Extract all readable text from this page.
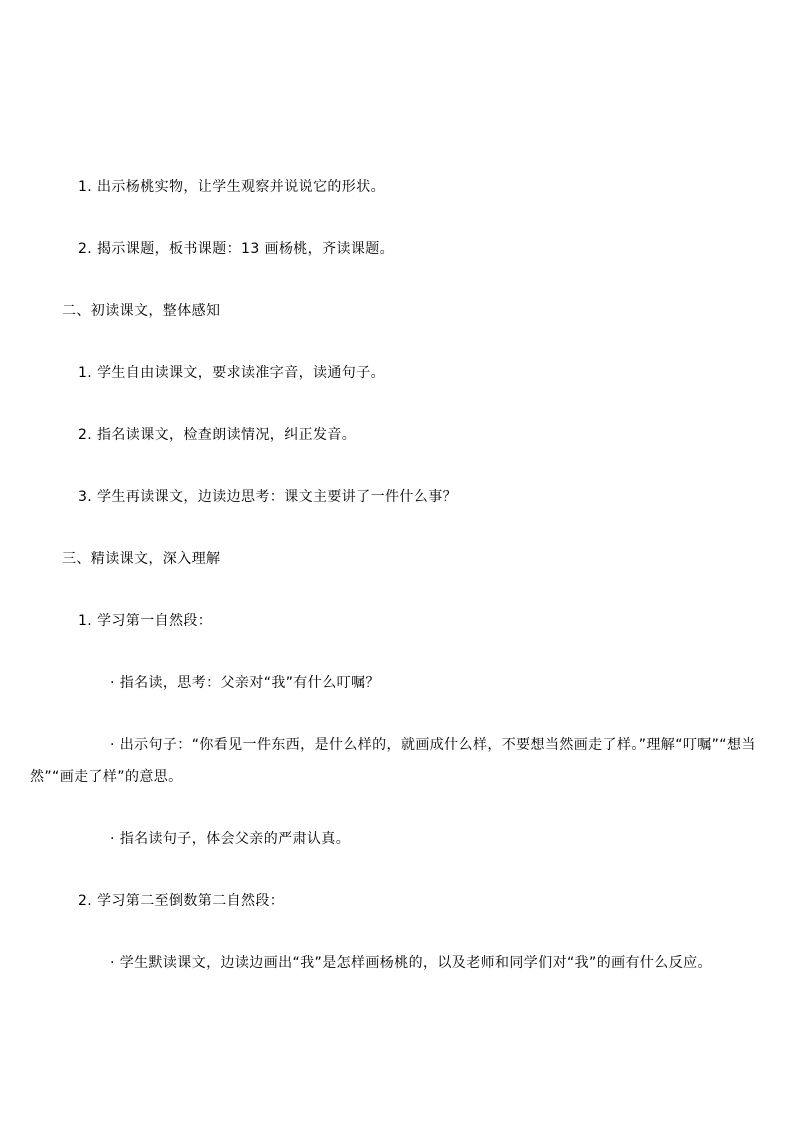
1. 出示杨桃实物，让学生观察并说说它的形状。
2. 揭示课题，板书课题：13 画杨桃，齐读课题。
二、初读课文，整体感知
1. 学生自由读课文，要求读准字音，读通句子。
2. 指名读课文，检查朗读情况，纠正发音。
3. 学生再读课文，边读边思考：课文主要讲了一件什么事？
三、精读课文，深入理解
1. 学习第一自然段：
· 指名读，思考：父亲对“我”有什么叮嘱？
· 出示句子：“你看见一件东西，是什么样的，就画成什么样，不要想当然画走了样。”理解“叮嘱”“想当然”“画走了样”的意思。
· 指名读句子，体会父亲的严肃认真。
2. 学习第二至倒数第二自然段：
· 学生默读课文，边读边画出“我”是怎样画杨桃的，以及老师和同学们对“我”的画有什么反应。
